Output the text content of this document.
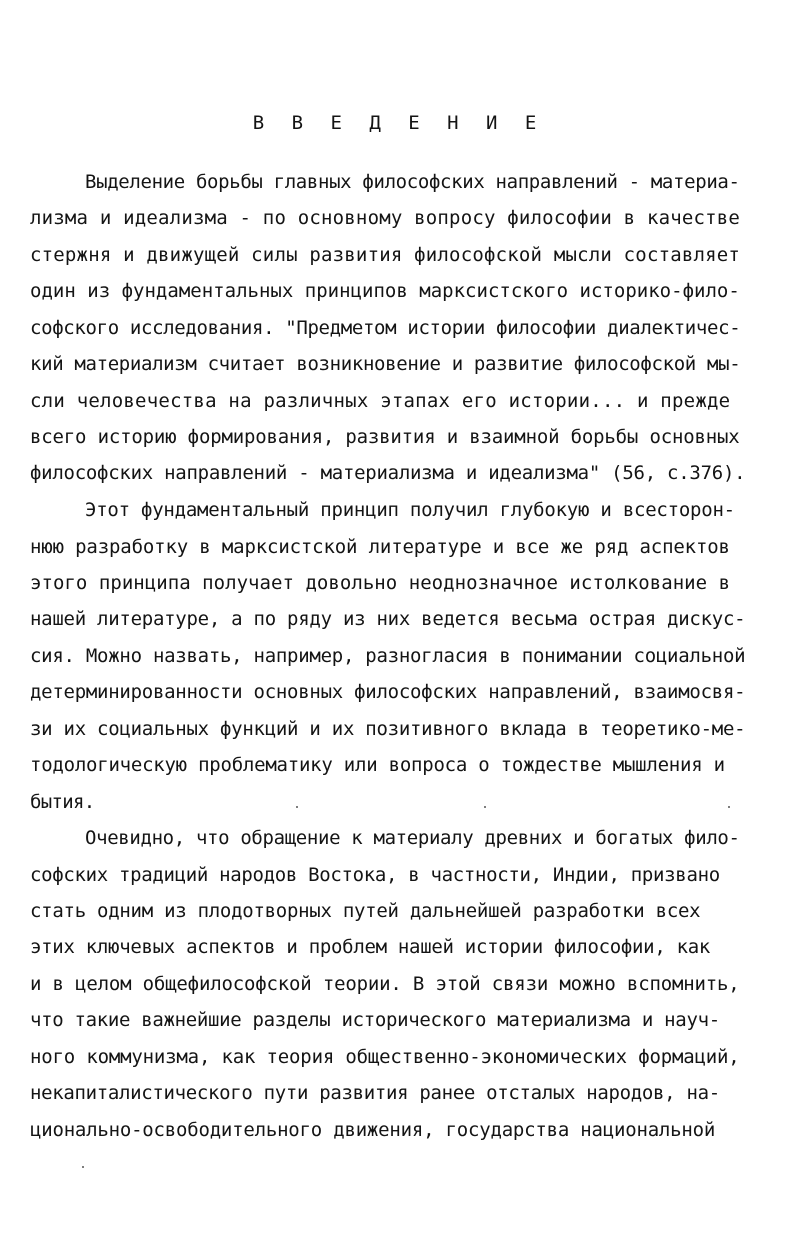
В В Е Д Е Н И Е

Выделение борьбы главных философских направлений - материа-

лизма и идеализма - по основному вопросу философии в качестве

стержня и движущей силы развития философской мысли составляет

один из фундаментальных принципов марксистского историко-фило-

софского исследования. "Предметом истории философии диалектичес-

кий материализм считает возникновение и развитие философской мы-

сли человечества на различных этапах его истории... и прежде

всего историю формирования, развития и взаимной борьбы основных

философских направлений - материализма и идеализма" (56, с.376).

Этот фундаментальный принцип получил глубокую и всесторон-

нюю разработку в марксистской литературе и все же ряд аспектов

этого принципа получает довольно неоднозначное истолкование в

нашей литературе, а по ряду из них ведется весьма острая дискус-

сия. Можно назвать, например, разногласия в понимании социальной

детерминированности основных философских направлений, взаимосвя-

зи их социальных функций и их позитивного вклада в теоретико-ме-

тодологическую проблематику или вопроса о тождестве мышления и

бытия.

Очевидно, что обращение к материалу древних и богатых фило-

софских традиций народов Востока, в частности, Индии, призвано

стать одним из плодотворных путей дальнейшей разработки всех

этих ключевых аспектов и проблем нашей истории философии, как

и в целом общефилософской теории. В этой связи можно вспомнить,

что такие важнейшие разделы исторического материализма и науч-

ного коммунизма, как теория общественно-экономических формаций,

некапиталистического пути развития ранее отсталых народов, на-

ционально-освободительного движения, государства национальной
